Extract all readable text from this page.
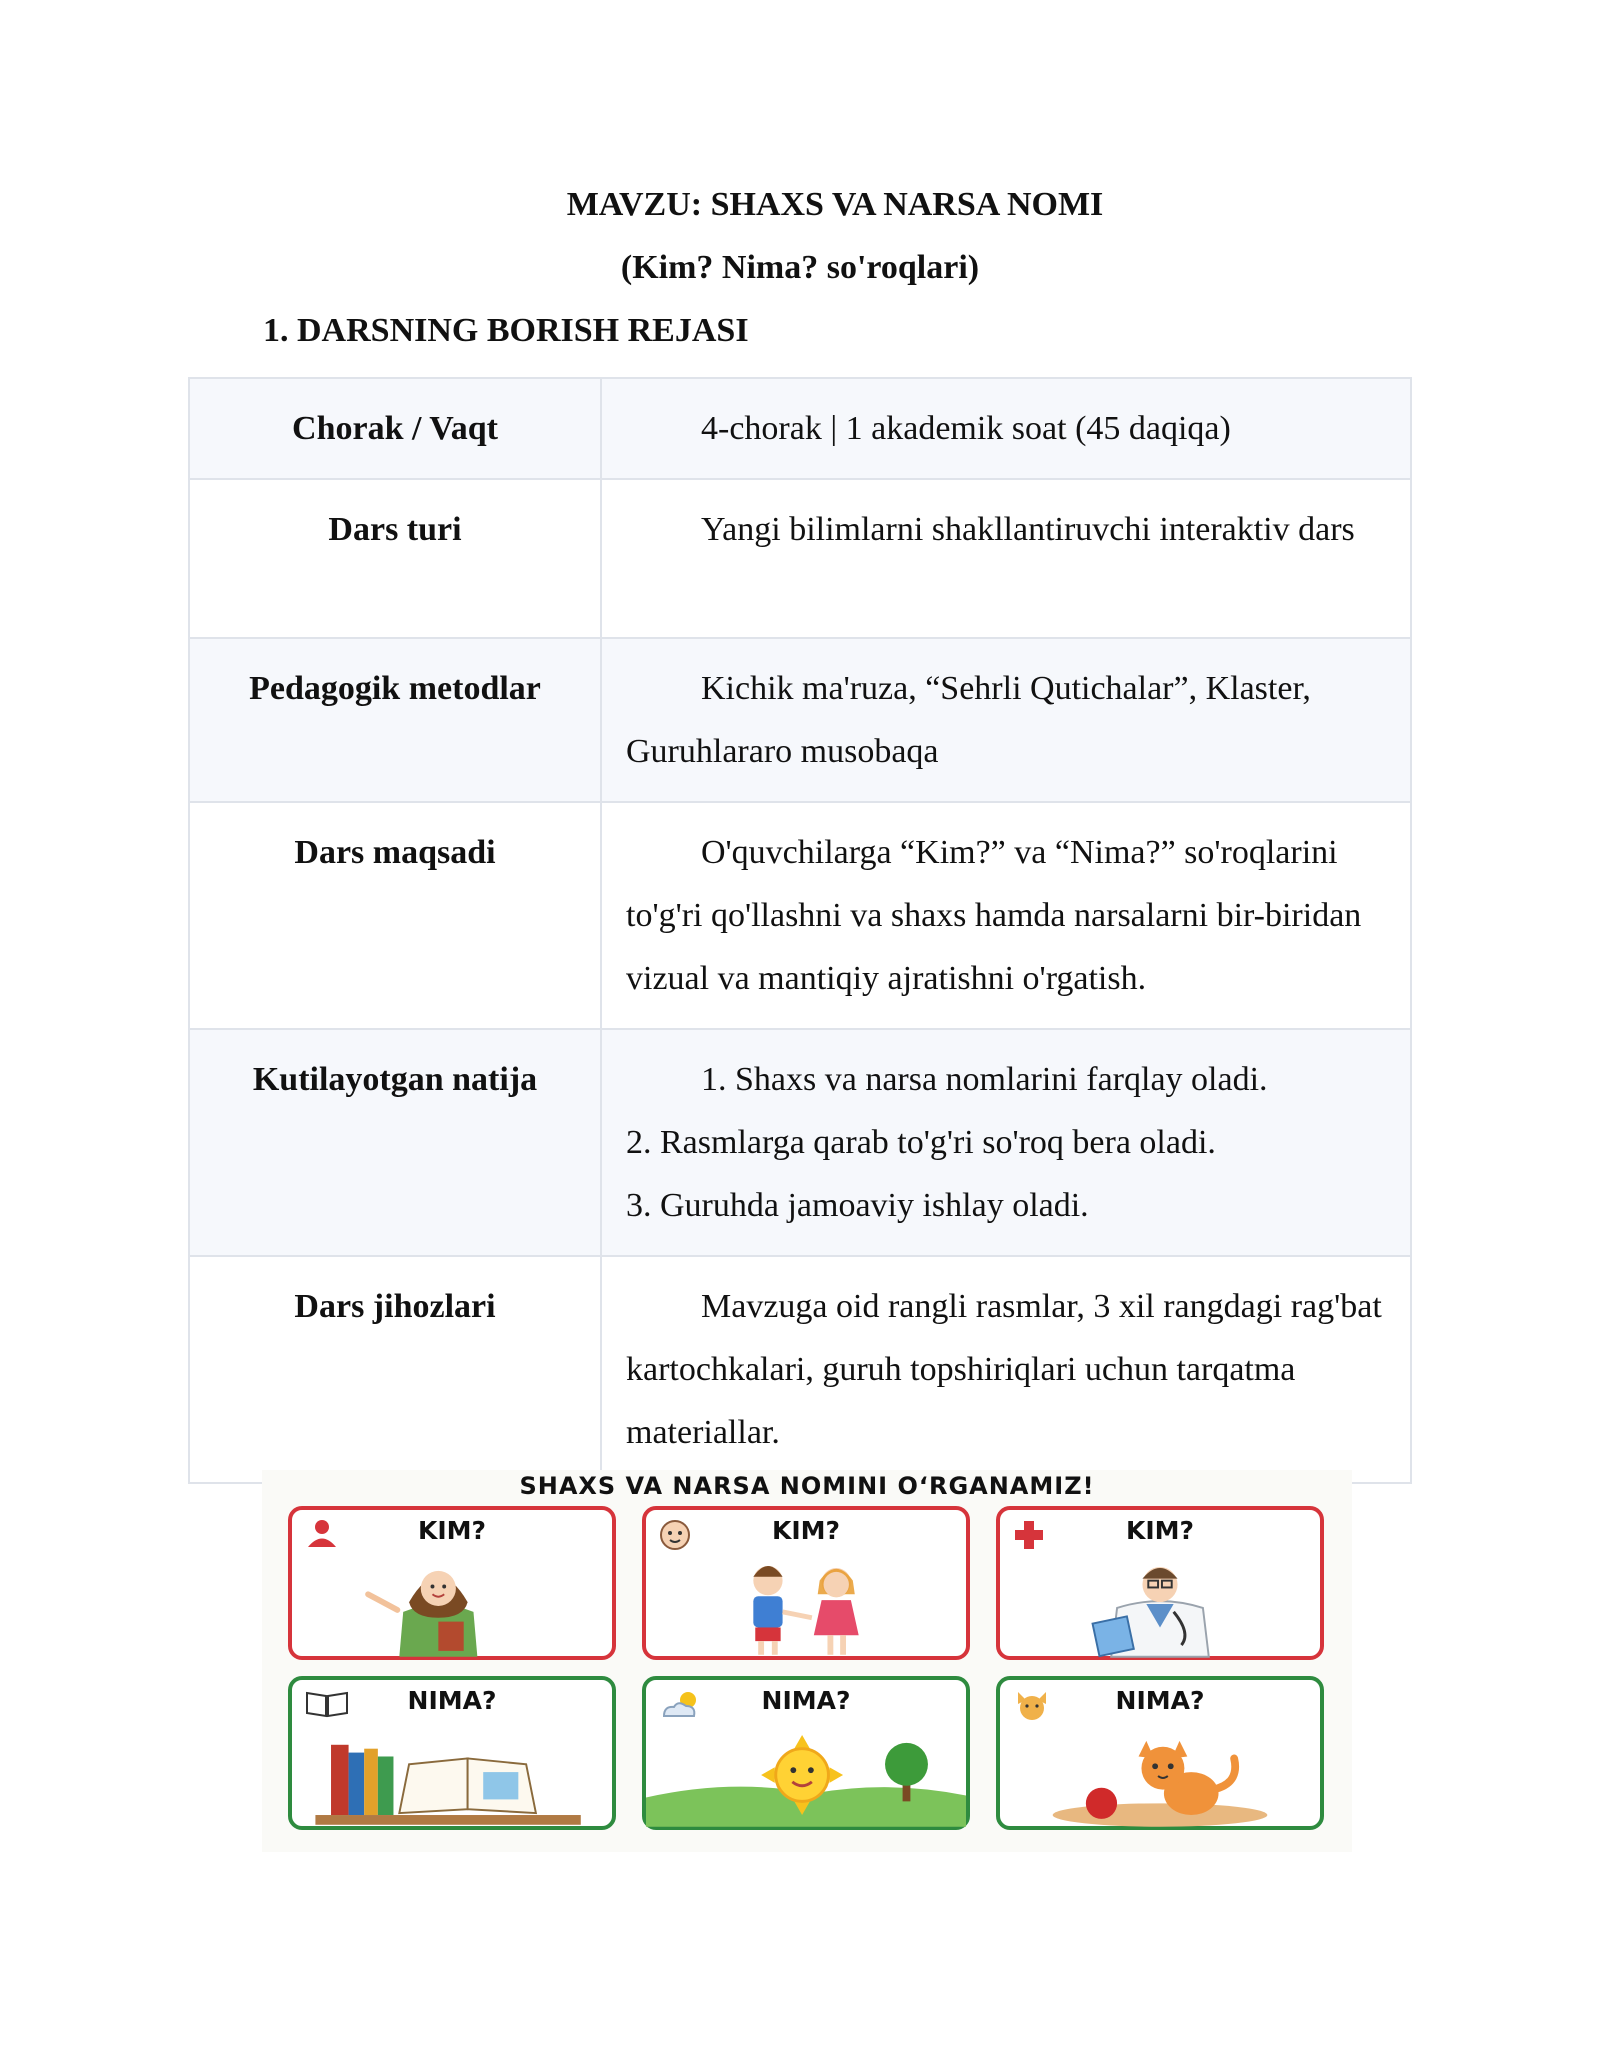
MAVZU: SHAXS VA NARSA NOMI
(Kim? Nima? so'roqlari)
1. DARSNING BORISH REJASI
Chorak / Vaqt	4-chorak | 1 akademik soat (45 daqiqa)
Dars turi	Yangi bilimlarni shakllantiruvchi interaktiv dars
Pedagogik metodlar	Kichik ma'ruza, “Sehrli Qutichalar”, Klaster, Guruhlararo musobaqa
Dars maqsadi	O'quvchilarga “Kim?” va “Nima?” so'roqlarini to'g'ri qo'llashni va shaxs hamda narsalarni bir-biridan vizual va mantiqiy ajratishni o'rgatish.
Kutilayotgan natija	1. Shaxs va narsa nomlarini farqlay oladi.
2. Rasmlarga qarab to'g'ri so'roq bera oladi.
3. Guruhda jamoaviy ishlay oladi.

Dars jihozlari	Mavzuga oid rangli rasmlar, 3 xil rangdagi rag'bat kartochkalari, guruh topshiriqlari uchun tarqatma materiallar.
SHAXS VA NARSA NOMINI O‘RGANAMIZ!
KIM?	KIM?	KIM?
NIMA?	NIMA?	NIMA?
